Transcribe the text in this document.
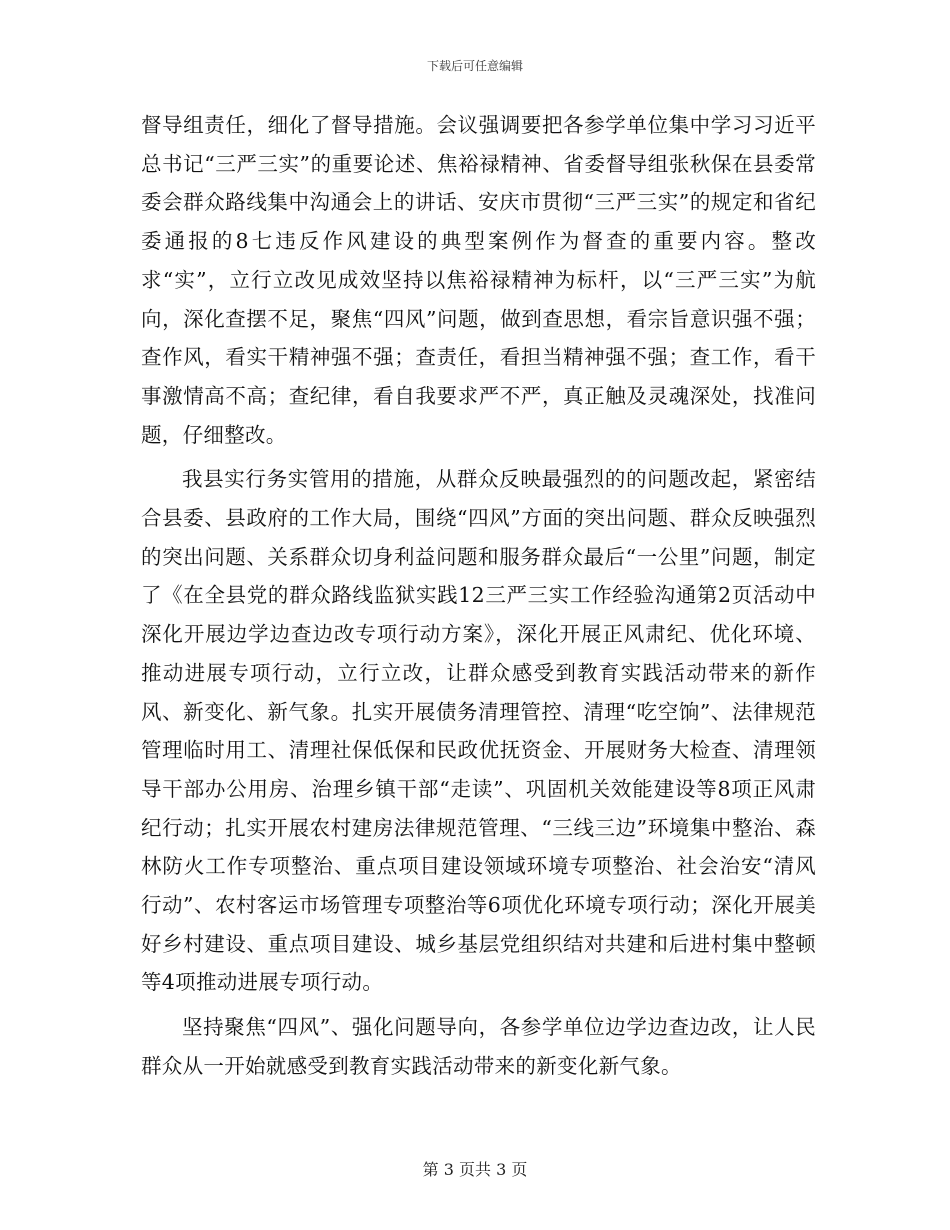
下载后可任意编辑

督导组责任，细化了督导措施。会议强调要把各参学单位集中学习习近平总书记“三严三实”的重要论述、焦裕禄精神、省委督导组张秋保在县委常委会群众路线集中沟通会上的讲话、安庆市贯彻“三严三实”的规定和省纪委通报的8七违反作风建设的典型案例作为督查的重要内容。整改求“实”，立行立改见成效坚持以焦裕禄精神为标杆，以“三严三实”为航向，深化查摆不足，聚焦“四风”问题，做到查思想，看宗旨意识强不强；查作风，看实干精神强不强；查责任，看担当精神强不强；查工作，看干事激情高不高；查纪律，看自我要求严不严，真正触及灵魂深处，找准问题，仔细整改。

我县实行务实管用的措施，从群众反映最强烈的的问题改起，紧密结合县委、县政府的工作大局，围绕“四风”方面的突出问题、群众反映强烈的突出问题、关系群众切身利益问题和服务群众最后“一公里”问题，制定了《在全县党的群众路线监狱实践12三严三实工作经验沟通第2页活动中深化开展边学边查边改专项行动方案》，深化开展正风肃纪、优化环境、推动进展专项行动，立行立改，让群众感受到教育实践活动带来的新作风、新变化、新气象。扎实开展债务清理管控、清理“吃空饷”、法律规范管理临时用工、清理社保低保和民政优抚资金、开展财务大检查、清理领导干部办公用房、治理乡镇干部“走读”、巩固机关效能建设等8项正风肃纪行动；扎实开展农村建房法律规范管理、“三线三边”环境集中整治、森林防火工作专项整治、重点项目建设领域环境专项整治、社会治安“清风行动”、农村客运市场管理专项整治等6项优化环境专项行动；深化开展美好乡村建设、重点项目建设、城乡基层党组织结对共建和后进村集中整顿等4项推动进展专项行动。

坚持聚焦“四风”、强化问题导向，各参学单位边学边查边改，让人民群众从一开始就感受到教育实践活动带来的新变化新气象。

第 3 页共 3 页
